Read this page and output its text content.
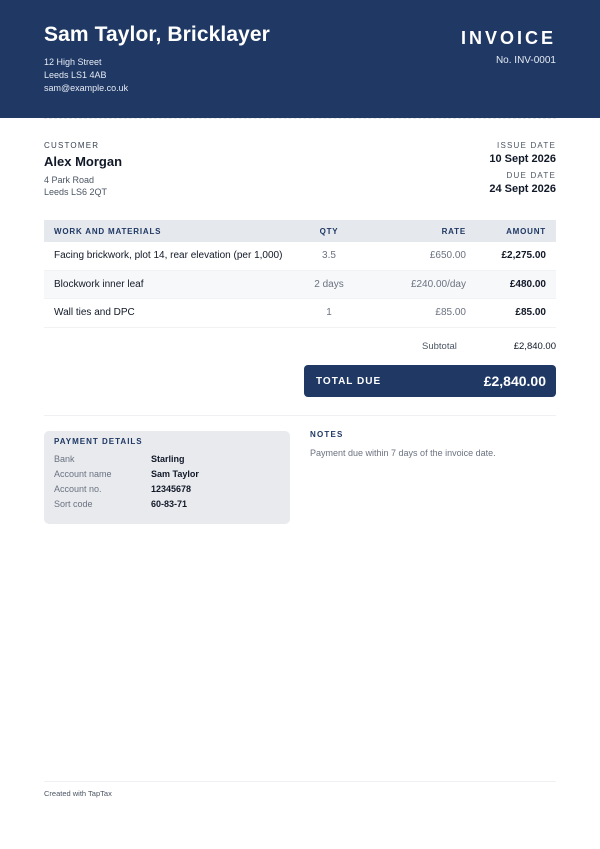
Sam Taylor, Bricklayer
12 High Street
Leeds LS1 4AB
sam@example.co.uk
INVOICE
No. INV-0001
CUSTOMER
Alex Morgan
4 Park Road
Leeds LS6 2QT
ISSUE DATE
10 Sept 2026
DUE DATE
24 Sept 2026
WORK AND MATERIALS	QTY	RATE	AMOUNT
Facing brickwork, plot 14, rear elevation (per 1,000)	3.5	£650.00	£2,275.00
Blockwork inner leaf	2 days	£240.00/day	£480.00
Wall ties and DPC	1	£85.00	£85.00
Subtotal	£2,840.00
TOTAL DUE	£2,840.00
PAYMENT DETAILS
Bank	Starling
Account name	Sam Taylor
Account no.	12345678
Sort code	60-83-71
NOTES
Payment due within 7 days of the invoice date.
Created with TapTax
